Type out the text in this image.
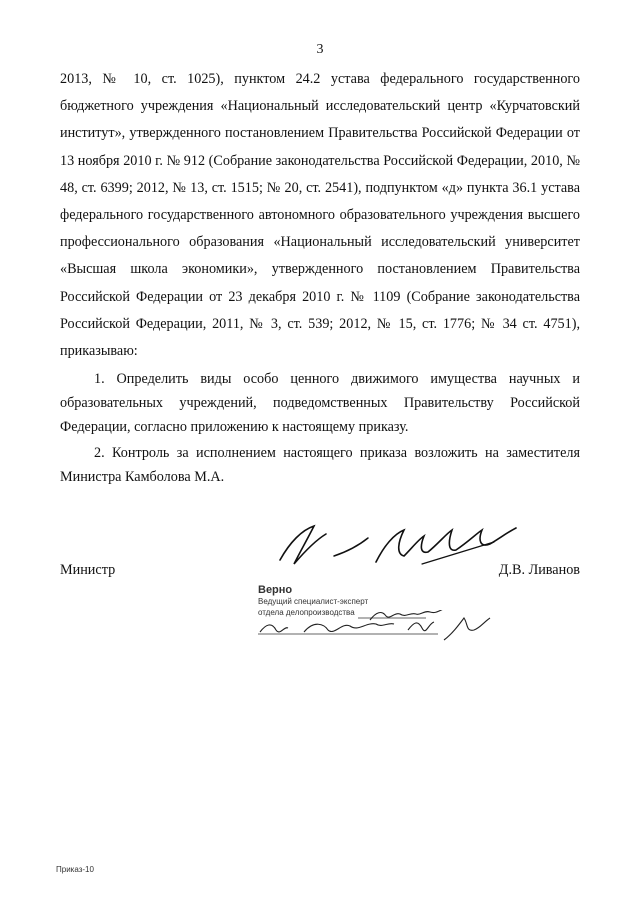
3

2013, № 10, ст. 1025), пунктом 24.2 устава федерального государственного бюджетного учреждения «Национальный исследовательский центр «Курчатовский институт», утвержденного постановлением Правительства Российской Федерации от 13 ноября 2010 г. № 912 (Собрание законодательства Российской Федерации, 2010, № 48, ст. 6399; 2012, № 13, ст. 1515; № 20, ст. 2541), подпунктом «д» пункта 36.1 устава федерального государственного автономного образовательного учреждения высшего профессионального образования «Национальный исследовательский университет «Высшая школа экономики», утвержденного постановлением Правительства Российской Федерации от 23 декабря 2010 г. № 1109 (Собрание законодательства Российской Федерации, 2011, № 3, ст. 539; 2012, № 15, ст. 1776; № 34 ст. 4751), приказываю:

1. Определить виды особо ценного движимого имущества научных и образовательных учреждений, подведомственных Правительству Российской Федерации, согласно приложению к настоящему приказу.

2. Контроль за исполнением настоящего приказа возложить на заместителя Министра Камболова М.А.

Министр	Д.В. Ливанов
Верно
Ведущий специалист-эксперт
отдела делопроизводства
Приказ-10
